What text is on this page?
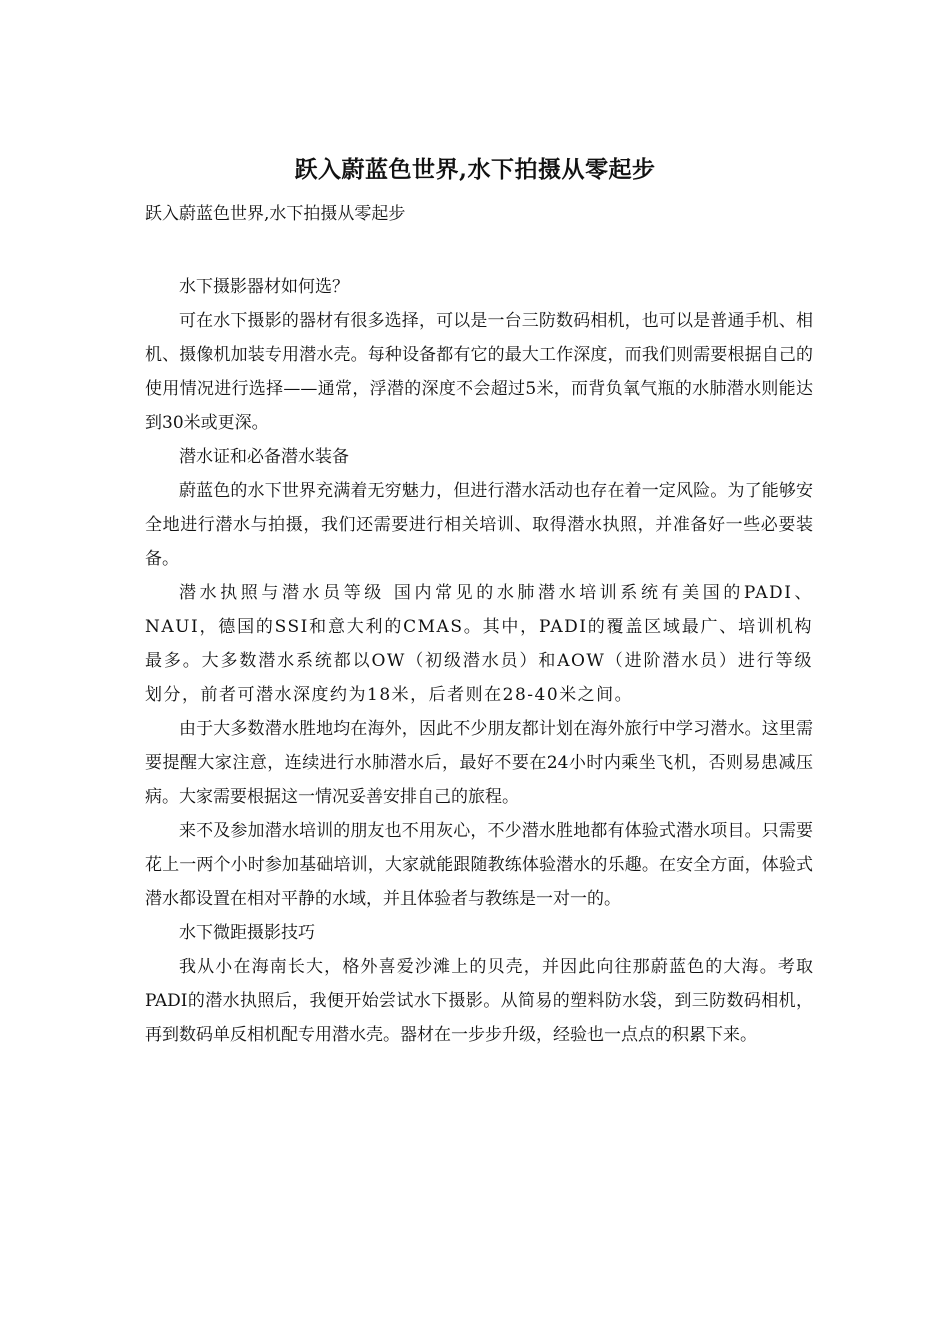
跃入蔚蓝色世界,水下拍摄从零起步
跃入蔚蓝色世界,水下拍摄从零起步

水下摄影器材如何选？

可在水下摄影的器材有很多选择，可以是一台三防数码相机，也可以是普通手机、相机、摄像机加装专用潜水壳。每种设备都有它的最大工作深度，而我们则需要根据自己的使用情况进行选择——通常，浮潜的深度不会超过5米，而背负氧气瓶的水肺潜水则能达到30米或更深。

潜水证和必备潜水装备

蔚蓝色的水下世界充满着无穷魅力，但进行潜水活动也存在着一定风险。为了能够安全地进行潜水与拍摄，我们还需要进行相关培训、取得潜水执照，并准备好一些必要装备。

潜水执照与潜水员等级 国内常见的水肺潜水培训系统有美国的PADI、NAUI，德国的SSI和意大利的CMAS。其中，PADI的覆盖区域最广、培训机构最多。大多数潜水系统都以OW（初级潜水员）和AOW（进阶潜水员）进行等级划分，前者可潜水深度约为18米，后者则在28-40米之间。

由于大多数潜水胜地均在海外，因此不少朋友都计划在海外旅行中学习潜水。这里需要提醒大家注意，连续进行水肺潜水后，最好不要在24小时内乘坐飞机，否则易患减压病。大家需要根据这一情况妥善安排自己的旅程。

来不及参加潜水培训的朋友也不用灰心，不少潜水胜地都有体验式潜水项目。只需要花上一两个小时参加基础培训，大家就能跟随教练体验潜水的乐趣。在安全方面，体验式潜水都设置在相对平静的水域，并且体验者与教练是一对一的。

水下微距摄影技巧

我从小在海南长大，格外喜爱沙滩上的贝壳，并因此向往那蔚蓝色的大海。考取PADI的潜水执照后，我便开始尝试水下摄影。从简易的塑料防水袋，到三防数码相机，再到数码单反相机配专用潜水壳。器材在一步步升级，经验也一点点的积累下来。
